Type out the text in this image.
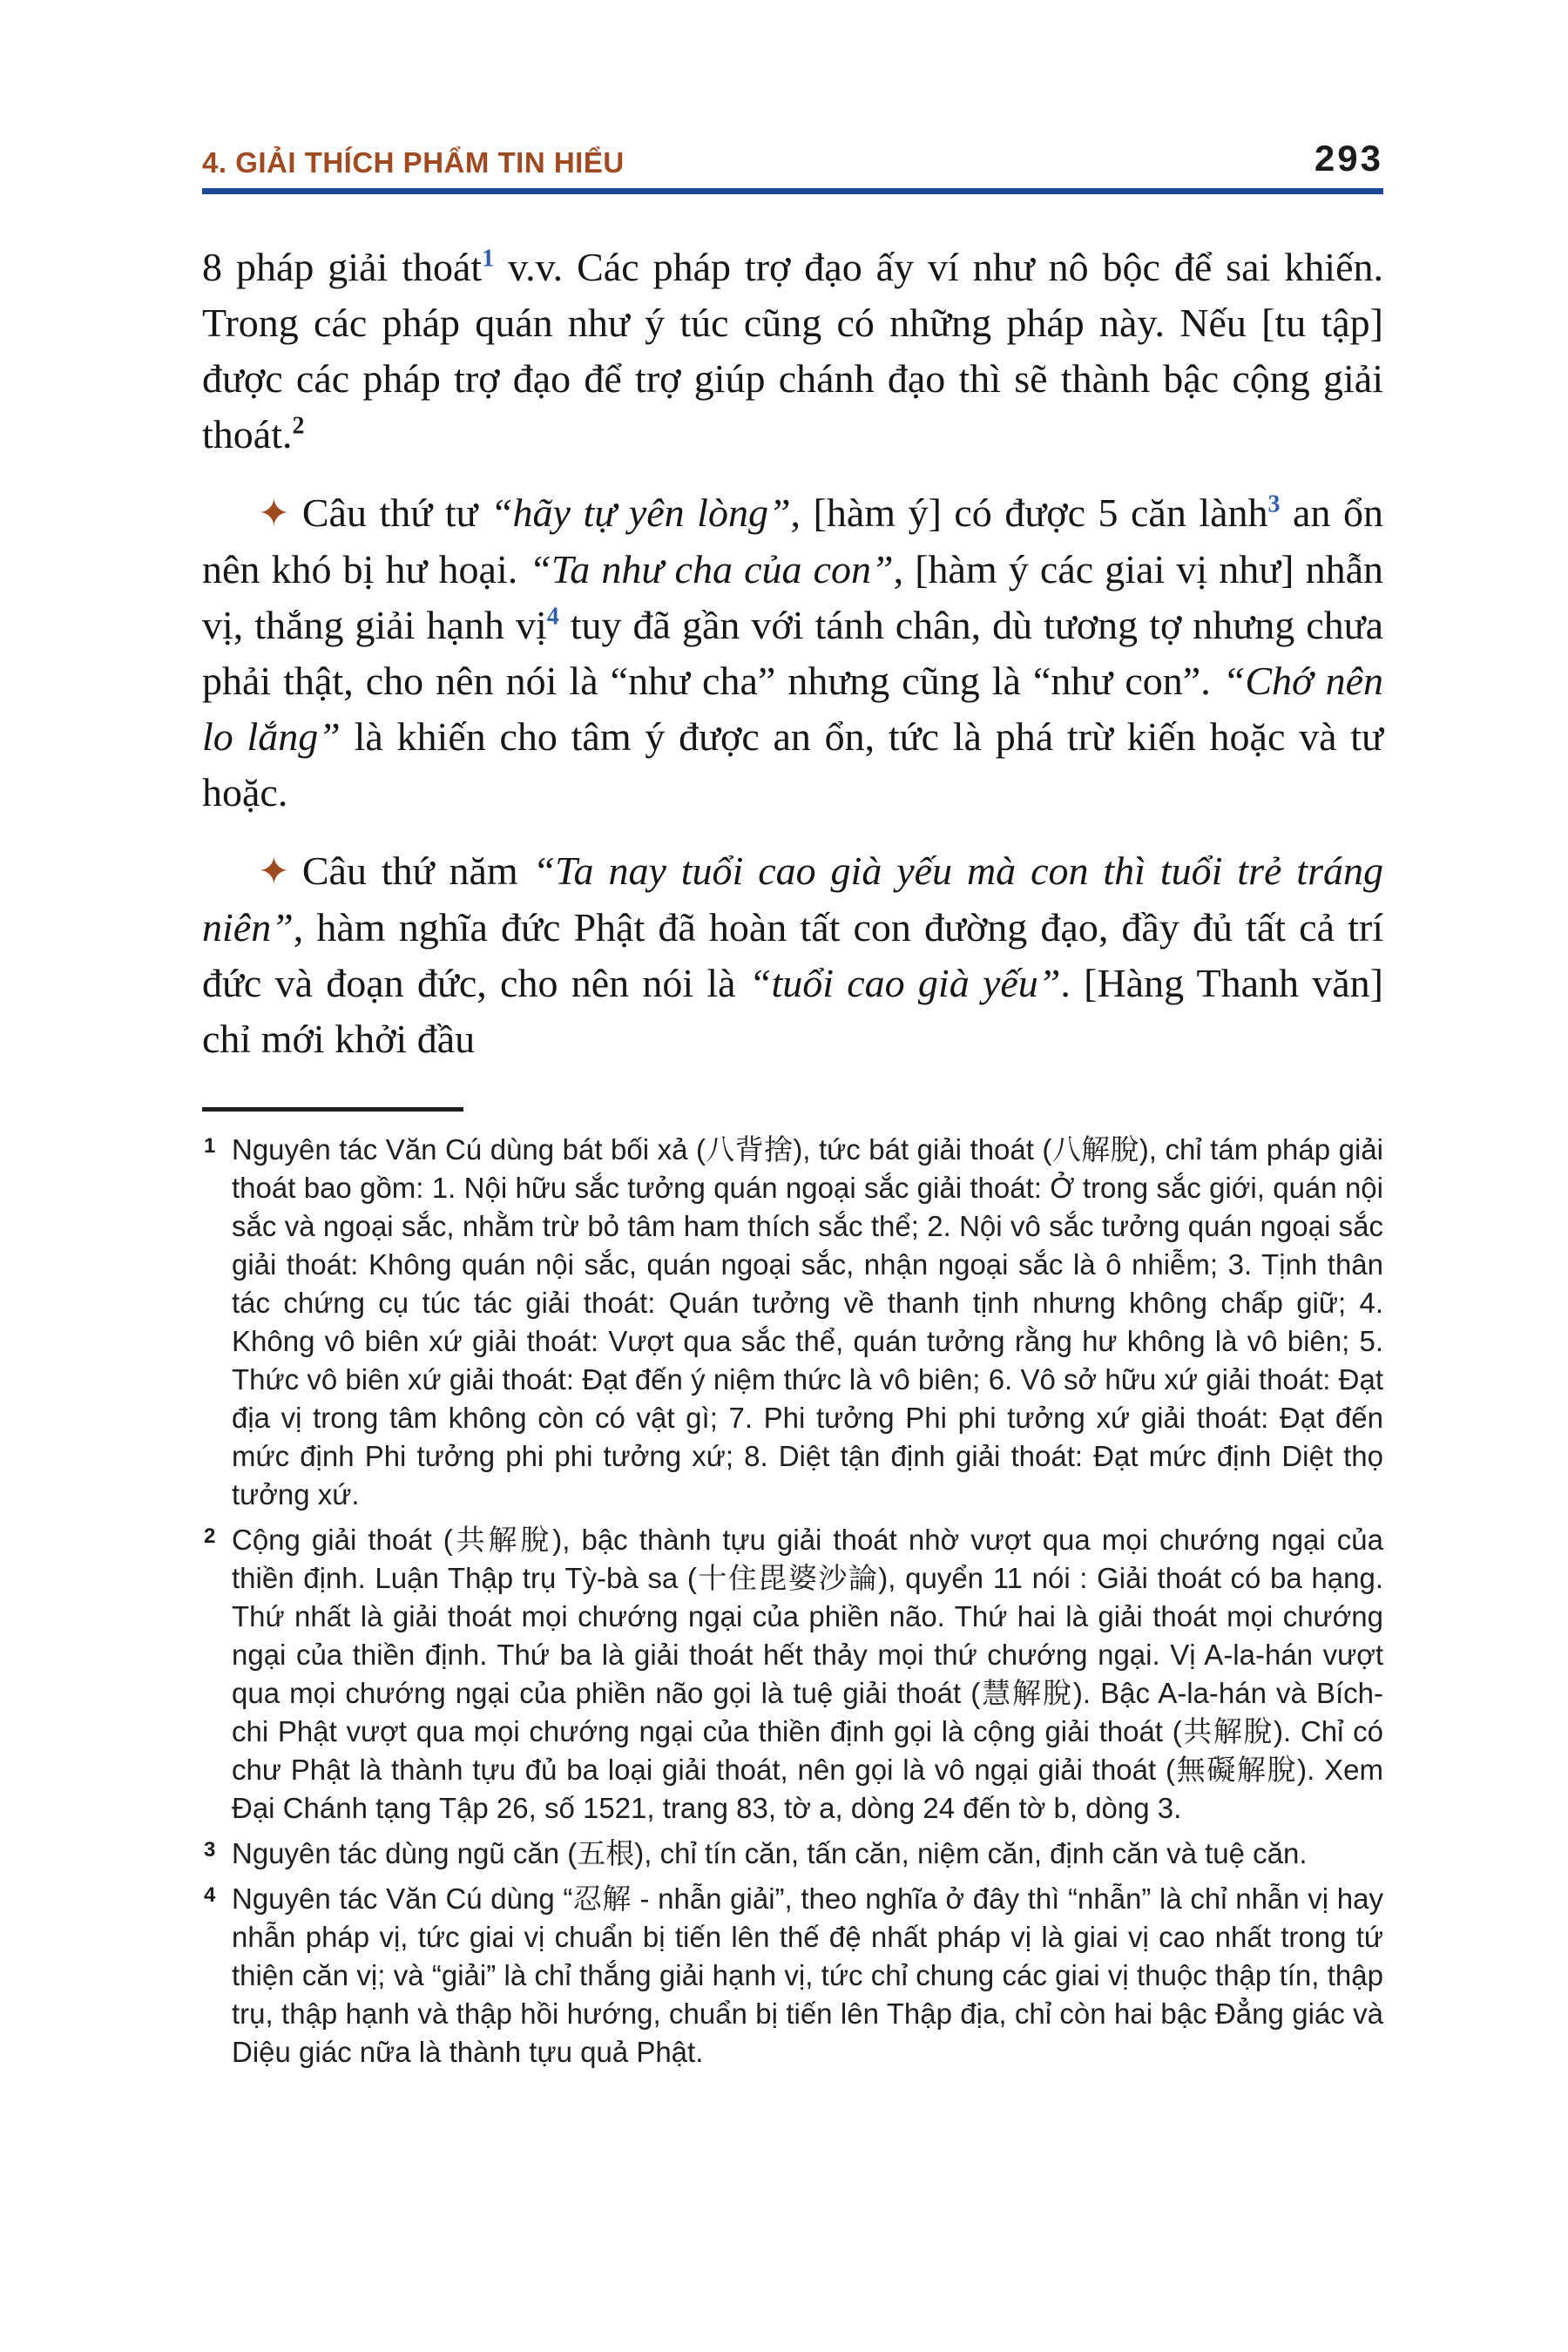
4. GIẢI THÍCH PHẨM TIN HIỂU	293

8 pháp giải thoát$^1$ v.v. Các pháp trợ đạo ấy ví như nô bộc để sai khiến. Trong các pháp quán như ý túc cũng có những pháp này. Nếu [tu tập] được các pháp trợ đạo để trợ giúp chánh đạo thì sẽ thành bậc cộng giải thoát.$^2$

✦ Câu thứ tư “hãy tự yên lòng”, [hàm ý] có được 5 căn lành$^3$ an ổn nên khó bị hư hoại. “Ta như cha của con”, [hàm ý các giai vị như] nhẫn vị, thắng giải hạnh vị$^4$ tuy đã gần với tánh chân, dù tương tợ nhưng chưa phải thật, cho nên nói là “như cha” nhưng cũng là “như con”. “Chớ nên lo lắng” là khiến cho tâm ý được an ổn, tức là phá trừ kiến hoặc và tư hoặc.

✦ Câu thứ năm “Ta nay tuổi cao già yếu mà con thì tuổi trẻ tráng niên”, hàm nghĩa đức Phật đã hoàn tất con đường đạo, đầy đủ tất cả trí đức và đoạn đức, cho nên nói là “tuổi cao già yếu”. [Hàng Thanh văn] chỉ mới khởi đầu

1 Nguyên tác Văn Cú dùng bát bối xả (八背捨), tức bát giải thoát (八解脫), chỉ tám pháp giải thoát bao gồm: 1. Nội hữu sắc tưởng quán ngoại sắc giải thoát: Ở trong sắc giới, quán nội sắc và ngoại sắc, nhằm trừ bỏ tâm ham thích sắc thể; 2. Nội vô sắc tưởng quán ngoại sắc giải thoát: Không quán nội sắc, quán ngoại sắc, nhận ngoại sắc là ô nhiễm; 3. Tịnh thân tác chứng cụ túc tác giải thoát: Quán tưởng về thanh tịnh nhưng không chấp giữ; 4. Không vô biên xứ giải thoát: Vượt qua sắc thể, quán tưởng rằng hư không là vô biên; 5. Thức vô biên xứ giải thoát: Đạt đến ý niệm thức là vô biên; 6. Vô sở hữu xứ giải thoát: Đạt địa vị trong tâm không còn có vật gì; 7. Phi tưởng Phi phi tưởng xứ giải thoát: Đạt đến mức định Phi tưởng phi phi tưởng xứ; 8. Diệt tận định giải thoát: Đạt mức định Diệt thọ tưởng xứ.
2 Cộng giải thoát (共解脫), bậc thành tựu giải thoát nhờ vượt qua mọi chướng ngại của thiền định. Luận Thập trụ Tỳ-bà sa (十住毘婆沙論), quyển 11 nói : Giải thoát có ba hạng. Thứ nhất là giải thoát mọi chướng ngại của phiền não. Thứ hai là giải thoát mọi chướng ngại của thiền định. Thứ ba là giải thoát hết thảy mọi thứ chướng ngại. Vị A-la-hán vượt qua mọi chướng ngại của phiền não gọi là tuệ giải thoát (慧解脫). Bậc A-la-hán và Bích-chi Phật vượt qua mọi chướng ngại của thiền định gọi là cộng giải thoát (共解脫). Chỉ có chư Phật là thành tựu đủ ba loại giải thoát, nên gọi là vô ngại giải thoát (無礙解脫). Xem Đại Chánh tạng Tập 26, số 1521, trang 83, tờ a, dòng 24 đến tờ b, dòng 3.
3 Nguyên tác dùng ngũ căn (五根), chỉ tín căn, tấn căn, niệm căn, định căn và tuệ căn.
4 Nguyên tác Văn Cú dùng “忍解 - nhẫn giải”, theo nghĩa ở đây thì “nhẫn” là chỉ nhẫn vị hay nhẫn pháp vị, tức giai vị chuẩn bị tiến lên thế đệ nhất pháp vị là giai vị cao nhất trong tứ thiện căn vị; và “giải” là chỉ thắng giải hạnh vị, tức chỉ chung các giai vị thuộc thập tín, thập trụ, thập hạnh và thập hồi hướng, chuẩn bị tiến lên Thập địa, chỉ còn hai bậc Đẳng giác và Diệu giác nữa là thành tựu quả Phật.
